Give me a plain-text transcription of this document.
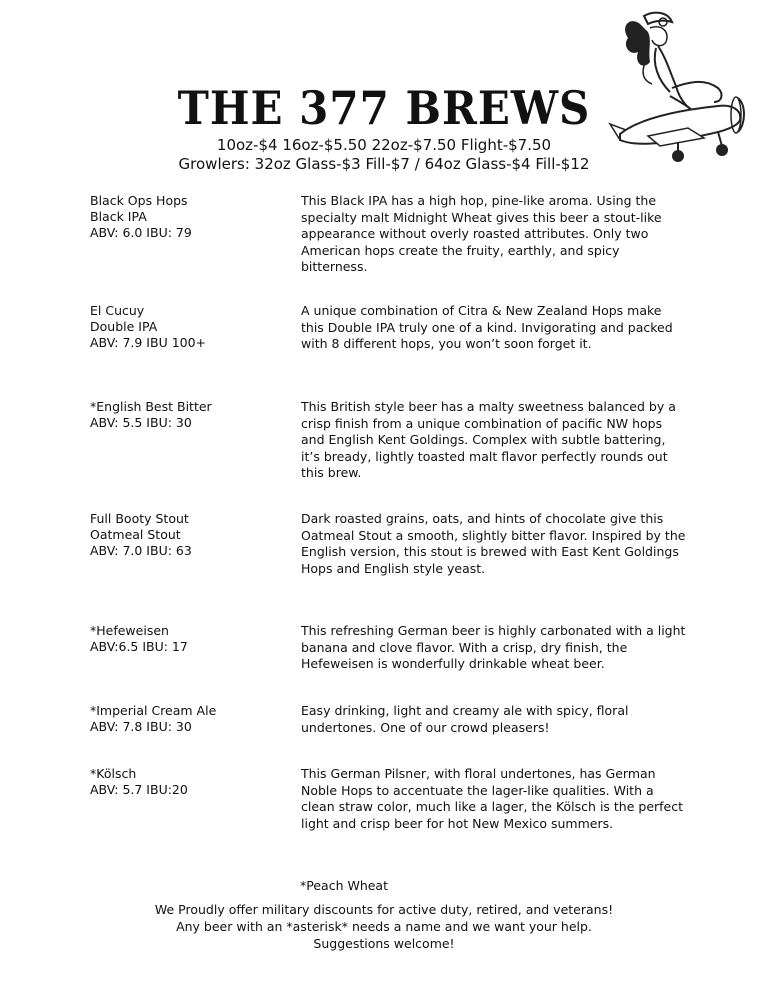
THE 377 BREWS
10oz-$4 16oz-$5.50 22oz-$7.50 Flight-$7.50
Growlers: 32oz Glass-$3 Fill-$7 / 64oz Glass-$4 Fill-$12
Black Ops Hops
Black IPA
ABV: 6.0 IBU: 79

This Black IPA has a high hop, pine-like aroma. Using the specialty malt Midnight Wheat gives this beer a stout-like appearance without overly roasted attributes. Only two American hops create the fruity, earthly, and spicy bitterness.

El Cucuy
Double IPA
ABV: 7.9 IBU 100+

A unique combination of Citra & New Zealand Hops make this Double IPA truly one of a kind. Invigorating and packed with 8 different hops, you won’t soon forget it.

*English Best Bitter
ABV: 5.5 IBU: 30

This British style beer has a malty sweetness balanced by a crisp finish from a unique combination of pacific NW hops and English Kent Goldings. Complex with subtle battering, it’s bready, lightly toasted malt flavor perfectly rounds out this brew.

Full Booty Stout
Oatmeal Stout
ABV: 7.0 IBU: 63

Dark roasted grains, oats, and hints of chocolate give this Oatmeal Stout a smooth, slightly bitter flavor. Inspired by the English version, this stout is brewed with East Kent Goldings Hops and English style yeast.

*Hefeweisen
ABV:6.5 IBU: 17

This refreshing German beer is highly carbonated with a light banana and clove flavor. With a crisp, dry finish, the Hefeweisen is wonderfully drinkable wheat beer.

*Imperial Cream Ale
ABV: 7.8 IBU: 30

Easy drinking, light and creamy ale with spicy, floral undertones. One of our crowd pleasers!

*Kölsch
ABV: 5.7 IBU:20

This German Pilsner, with floral undertones, has German Noble Hops to accentuate the lager-like qualities. With a clean straw color, much like a lager, the Kölsch is the perfect light and crisp beer for hot New Mexico summers.

*Peach Wheat
We Proudly offer military discounts for active duty, retired, and veterans!
Any beer with an *asterisk* needs a name and we want your help.
Suggestions welcome!
